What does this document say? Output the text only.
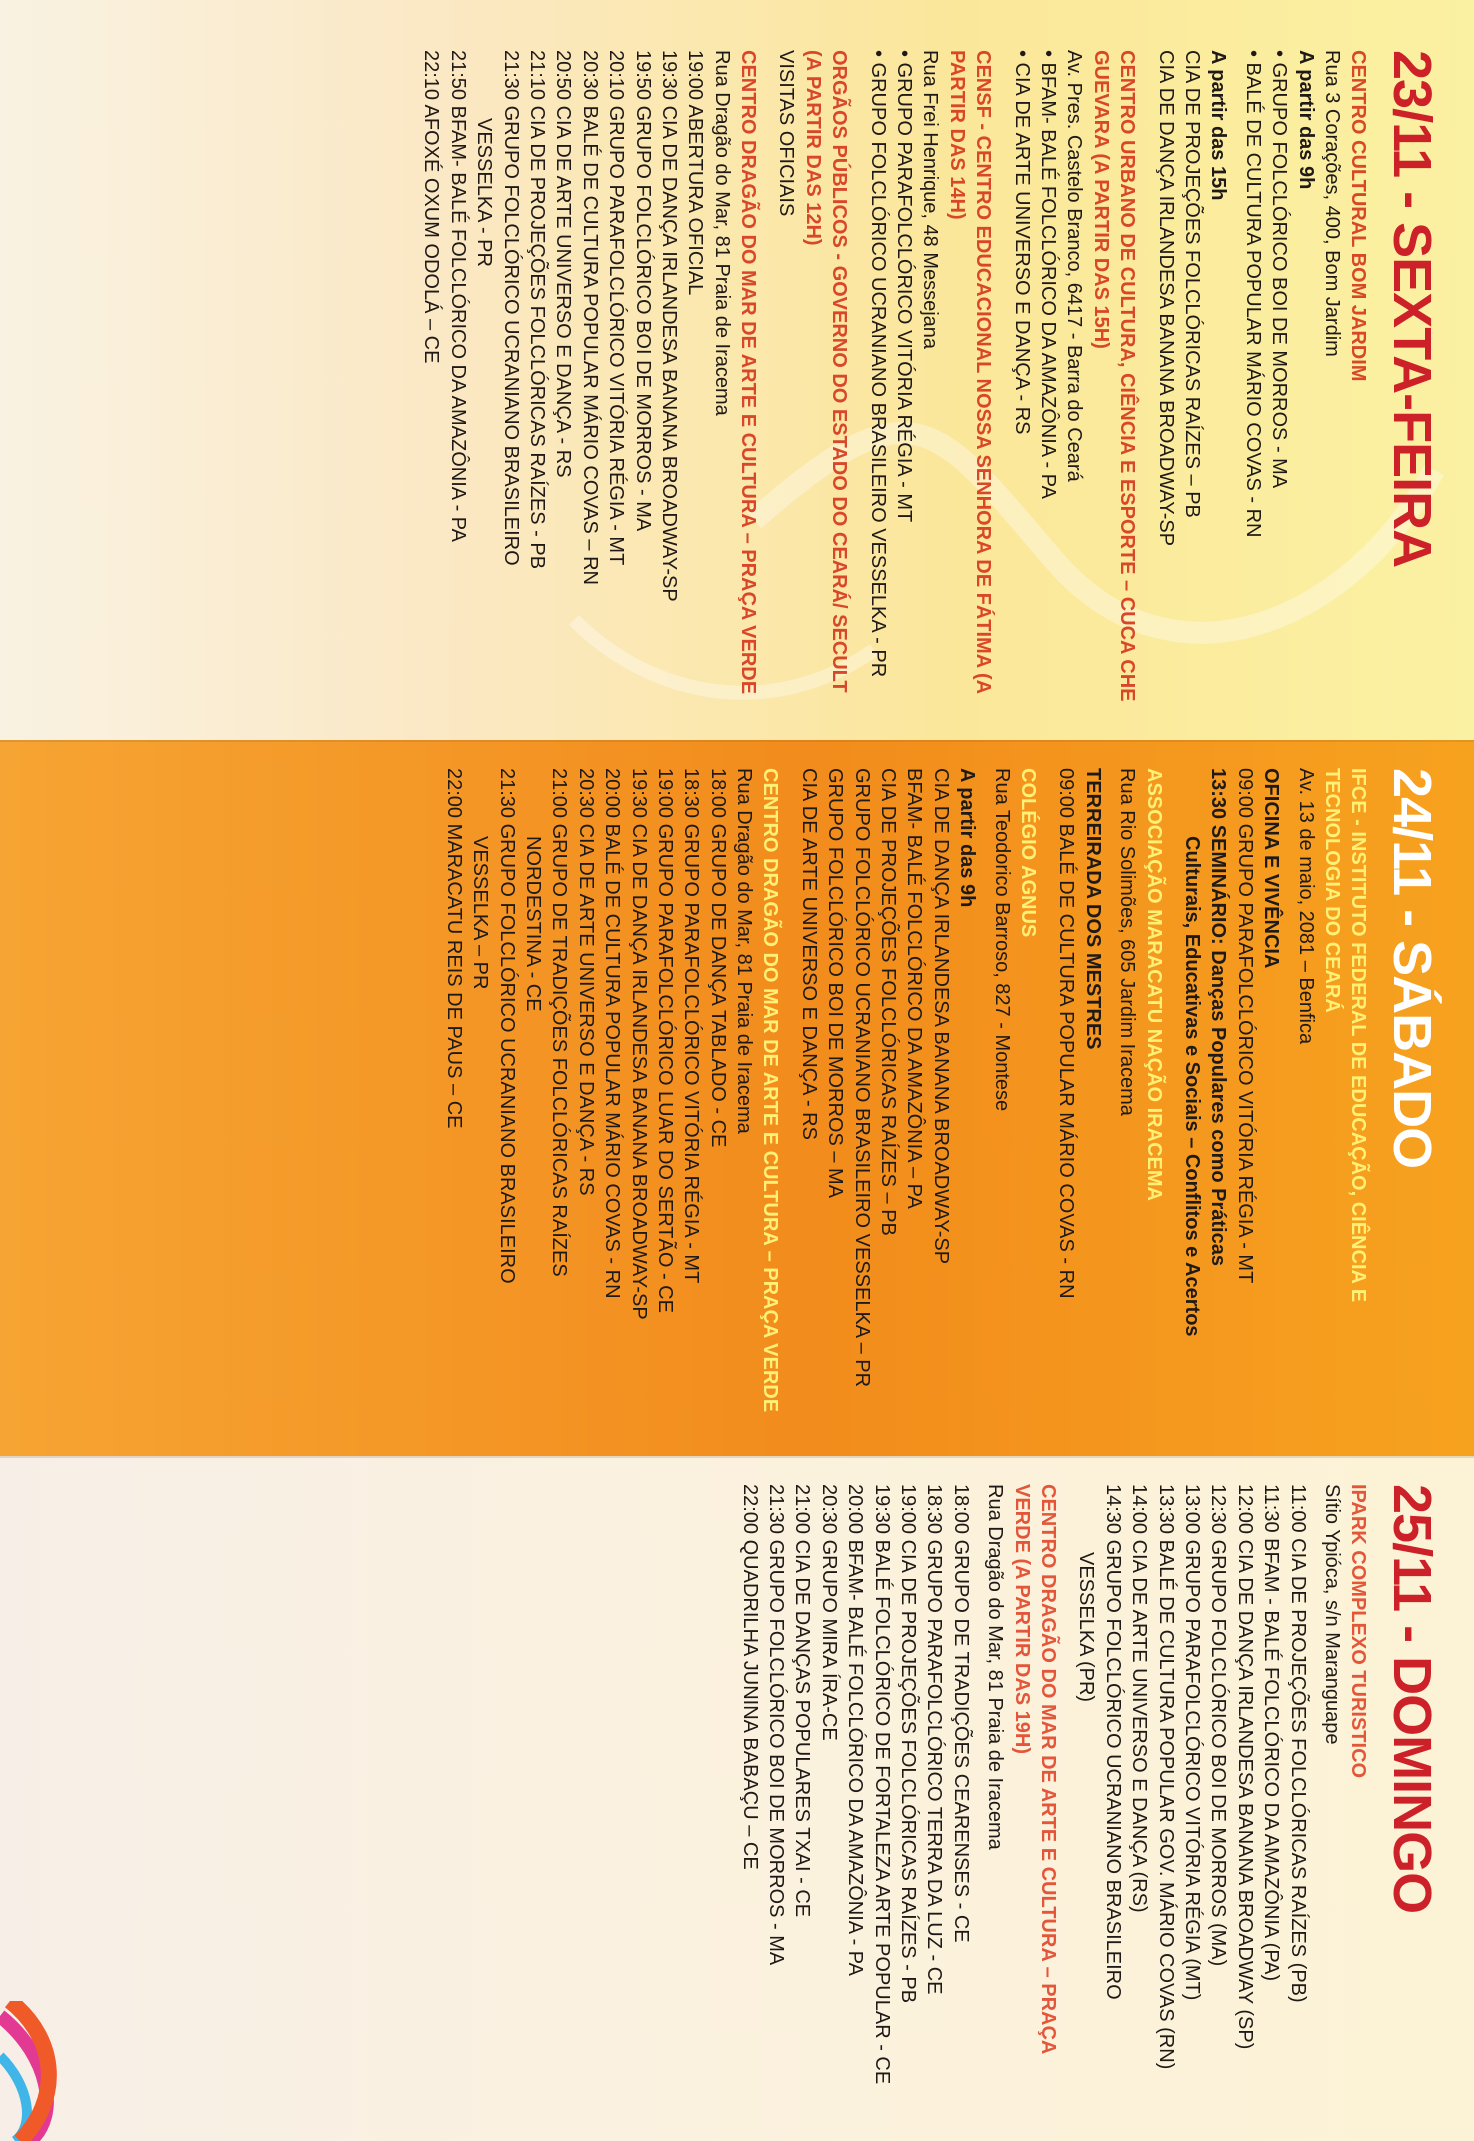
23/11 - SEXTA-FEIRA
CENTRO CULTURAL BOM JARDIM
Rua 3 Corações, 400, Bom Jardim
A partir das 9h
• GRUPO FOLCLÓRICO BOI DE MORROS - MA
• BALÉ DE CULTURA POPULAR MÁRIO COVAS - RN
A partir das 15h
CIA DE PROJEÇÕES FOLCLÓRICAS RAÍZES – PB
CIA DE DANÇA IRLANDESA BANANA BROADWAY-SP
CENTRO URBANO DE CULTURA, CIÊNCIA E ESPORTE – CUCA CHE GUEVARA (A PARTIR DAS 15H)
Av. Pres. Castelo Branco, 6417 - Barra do Ceará
• BFAM- BALÉ FOLCLÓRICO DA AMAZÔNIA - PA
• CIA DE ARTE UNIVERSO E DANÇA - RS
CENSF - CENTRO EDUCACIONAL NOSSA SENHORA DE FÁTIMA (A PARTIR DAS 14H)
Rua Frei Henrique, 48 Messejana
• GRUPO PARAFOLCLÓRICO VITÓRIA RÉGIA - MT
• GRUPO FOLCLÓRICO UCRANIANO BRASILEIRO VESSELKA - PR
ORGÃOS PÚBLICOS - GOVERNO DO ESTADO DO CEARÁ/ SECULT (A PARTIR DAS 12H)
VISITAS OFICIAIS
CENTRO DRAGÃO DO MAR DE ARTE E CULTURA – PRAÇA VERDE
Rua Dragão do Mar, 81 Praia de Iracema
19:00 ABERTURA OFICIAL
19:30 CIA DE DANÇA IRLANDESA BANANA BROADWAY-SP
19:50 GRUPO FOLCLÓRICO BOI DE MORROS - MA
20:10 GRUPO PARAFOLCLÓRICO VITÓRIA RÉGIA - MT
20:30 BALÉ DE CULTURA POPULAR MÁRIO COVAS – RN
20:50 CIA DE ARTE UNIVERSO E DANÇA - RS
21:10 CIA DE PROJEÇÕES FOLCLÓRICAS RAÍZES - PB
21:30 GRUPO FOLCLÓRICO UCRANIANO BRASILEIRO
VESSELKA - PR
21:50 BFAM- BALÉ FOLCLÓRICO DA AMAZÔNIA - PA
22:10 AFOXÉ OXUM ODOLÁ – CE
24/11 - SÁBADO
IFCE - INSTITUTO FEDERAL DE EDUCAÇÃO, CIÊNCIA E TECNOLOGIA DO CEARÁ
Av. 13 de maio, 2081 – Benfica
OFICINA E VIVÊNCIA
09:00 GRUPO PARAFOLCLÓRICO VITÓRIA RÉGIA - MT
13:30 SEMINÁRIO: Danças Populares como Práticas
Culturais, Educativas e Sociais – Conflitos e Acertos
ASSOCIAÇÃO MARACATU NAÇÃO IRACEMA
Rua Rio Solimões, 605 Jardim Iracema
TERREIRADA DOS MESTRES
09:00 BALÉ DE CULTURA POPULAR MÁRIO COVAS - RN
COLÉGIO AGNUS
Rua Teodorico Barroso, 827 - Montese
A partir das 9h
CIA DE DANÇA IRLANDESA BANANA BROADWAY-SP
BFAM- BALÉ FOLCLÓRICO DA AMAZÔNIA – PA
CIA DE PROJEÇÕES FOLCLÓRICAS RAÍZES – PB
GRUPO FOLCLÓRICO UCRANIANO BRASILEIRO VESSELKA – PR
GRUPO FOLCLÓRICO BOI DE MORROS – MA
CIA DE ARTE UNIVERSO E DANÇA - RS
CENTRO DRAGÃO DO MAR DE ARTE E CULTURA – PRAÇA VERDE
Rua Dragão do Mar, 81 Praia de Iracema
18:00 GRUPO DE DANÇA TABLADO - CE
18:30 GRUPO PARAFOLCLÓRICO VITÓRIA RÉGIA - MT
19:00 GRUPO PARAFOLCLÓRICO LUAR DO SERTÃO - CE
19:30 CIA DE DANÇA IRLANDESA BANANA BROADWAY-SP
20:00 BALÉ DE CULTURA POPULAR MÁRIO COVAS - RN
20:30 CIA DE ARTE UNIVERSO E DANÇA - RS
21:00 GRUPO DE TRADIÇÕES FOLCLÓRICAS RAÍZES
NORDESTINA - CE
21:30 GRUPO FOLCLÓRICO UCRANIANO BRASILEIRO
VESSELKA – PR
22:00 MARACATU REIS DE PAUS – CE
25/11 - DOMINGO
IPARK COMPLEXO TURISTICO
Sítio Ypióca, s/n Maranguape
11:00 CIA DE PROJEÇÕES FOLCLÓRICAS RAÍZES (PB)
11:30 BFAM - BALÉ FOLCLÓRICO DA AMAZÔNIA (PA)
12:00 CIA DE DANÇA IRLANDESA BANANA BROADWAY (SP)
12:30 GRUPO FOLCLÓRICO BOI DE MORROS (MA)
13:00 GRUPO PARAFOLCLÓRICO VITÓRIA RÉGIA (MT)
13:30 BALÉ DE CULTURA POPULAR GOV. MÁRIO COVAS (RN)
14:00 CIA DE ARTE UNIVERSO E DANÇA (RS)
14:30 GRUPO FOLCLÓRICO UCRANIANO BRASILEIRO
VESSELKA (PR)
CENTRO DRAGÃO DO MAR DE ARTE E CULTURA – PRAÇA VERDE (A PARTIR DAS 19H)
Rua Dragão do Mar, 81 Praia de Iracema
18:00 GRUPO DE TRADIÇÕES CEARENSES - CE
18:30 GRUPO PARAFOLCLÓRICO TERRA DA LUZ - CE
19:00 CIA DE PROJEÇÕES FOLCLÓRICAS RAÍZES - PB
19:30 BALÉ FOLCLÓRICO DE FORTALEZA ARTE POPULAR - CE
20:00 BFAM- BALÉ FOLCLÓRICO DA AMAZÔNIA - PA
20:30 GRUPO MIRA ÍRA-CE
21:00 CIA DE DANÇAS POPULARES TXAI - CE
21:30 GRUPO FOLCLÓRICO BOI DE MORROS - MA
22:00 QUADRILHA JUNINA BABAÇU – CE
